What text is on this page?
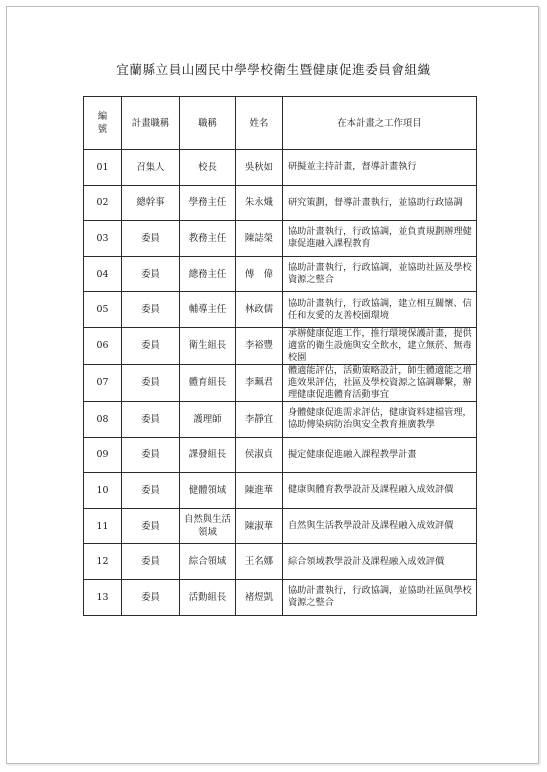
宜蘭縣立員山國民中學學校衛生暨健康促進委員會組織
編
號	計畫職稱	職稱	姓名	在本計畫之工作項目
01	召集人	校長	吳秋如	研擬並主持計畫，督導計畫執行
02	總幹事	學務主任	朱永熾	研究策劃，督導計畫執行，並協助行政協調
03	委員	教務主任	陳誌榮	協助計畫執行，行政協調，並負責規劃辦理健康促進融入課程教育
04	委員	總務主任	傅　偉	協助計畫執行，行政協調，並協助社區及學校資源之整合
05	委員	輔導主任	林政儒	協助計畫執行，行政協調，建立相互關懷、信任和友愛的友善校園環境
06	委員	衛生組長	李裕豐	承辦健康促進工作，推行環境保護計畫，提供適當的衛生設施與安全飲水，建立無菸、無毒校園
07	委員	體育組長	李珮君	體適能評估，活動策略設計，師生體適能之增進效果評估，社區及學校資源之協調聯繫，辦理健康促進體育活動事宜
08	委員	護理師	李靜宜	身體健康促進需求評估，健康資料建檔管理，協助傳染病防治與安全教育推廣教學
09	委員	課發組長	侯淑貞	擬定健康促進融入課程教學計畫
10	委員	健體領域	陳進華	健康與體育教學設計及課程融入成效評價
11	委員	自然與生活領域	陳淑華	自然與生活教學設計及課程融入成效評價
12	委員	綜合領域	王名娜	綜合領域教學設計及課程融入成效評價
13	委員	活動組長	褚煜凱	協助計畫執行，行政協調，並協助社區與學校資源之整合
